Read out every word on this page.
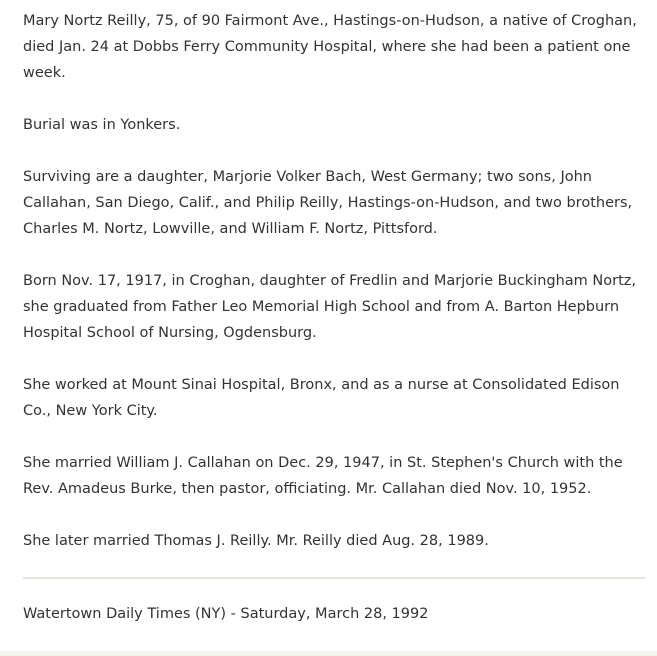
Mary Nortz Reilly, 75, of 90 Fairmont Ave., Hastings-on-Hudson, a native of Croghan, died Jan. 24 at Dobbs Ferry Community Hospital, where she had been a patient one week.

Burial was in Yonkers.

Surviving are a daughter, Marjorie Volker Bach, West Germany; two sons, John Callahan, San Diego, Calif., and Philip Reilly, Hastings-on-Hudson, and two brothers, Charles M. Nortz, Lowville, and William F. Nortz, Pittsford.

Born Nov. 17, 1917, in Croghan, daughter of Fredlin and Marjorie Buckingham Nortz, she graduated from Father Leo Memorial High School and from A. Barton Hepburn Hospital School of Nursing, Ogdensburg.

She worked at Mount Sinai Hospital, Bronx, and as a nurse at Consolidated Edison Co., New York City.

She married William J. Callahan on Dec. 29, 1947, in St. Stephen's Church with the Rev. Amadeus Burke, then pastor, officiating. Mr. Callahan died Nov. 10, 1952.

She later married Thomas J. Reilly. Mr. Reilly died Aug. 28, 1989.

Watertown Daily Times (NY) - Saturday, March 28, 1992
